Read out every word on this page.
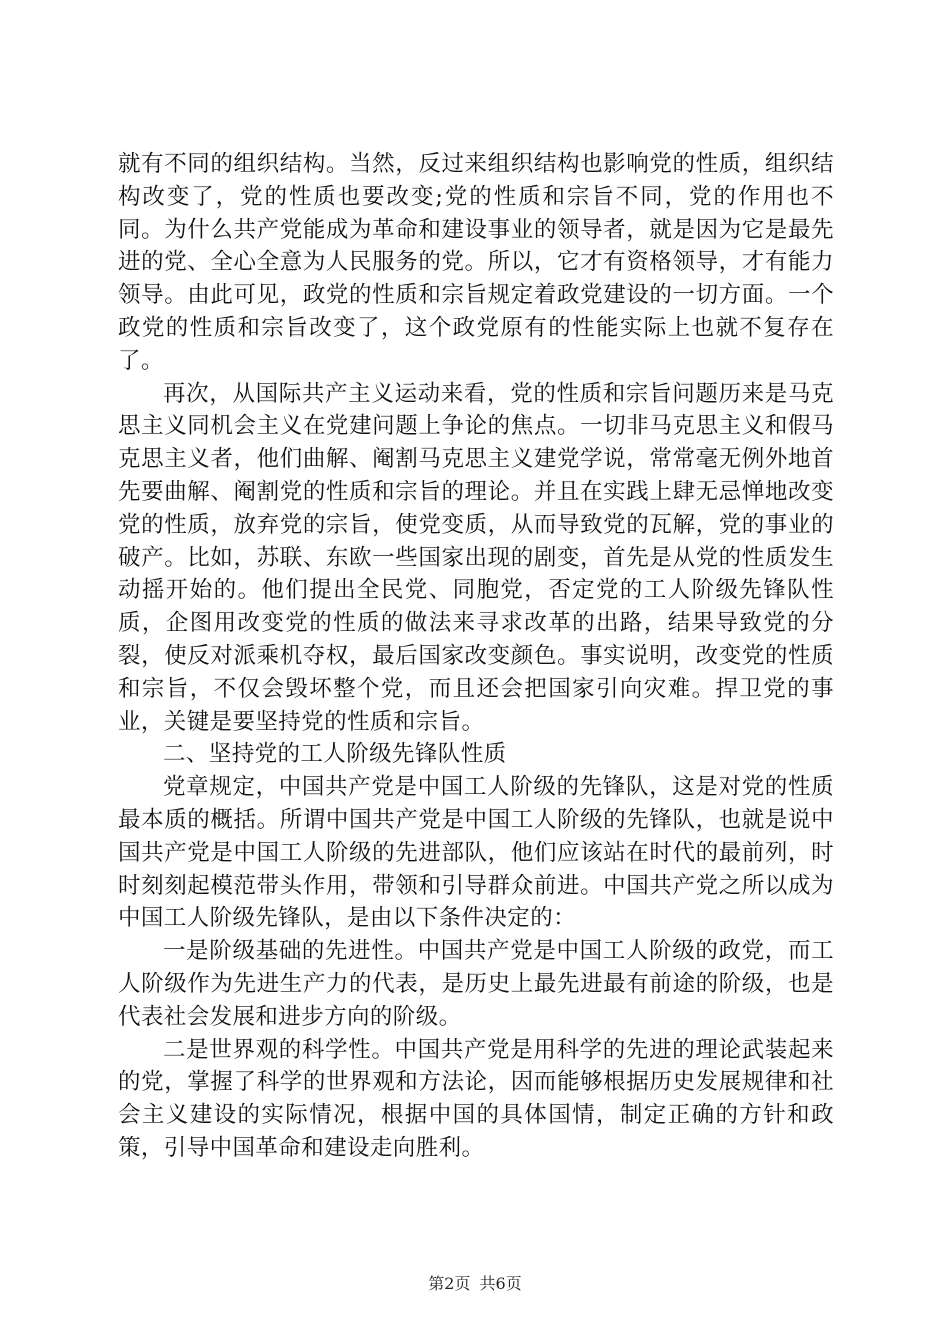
就有不同的组织结构。当然，反过来组织结构也影响党的性质，组织结构改变了，党的性质也要改变;党的性质和宗旨不同，党的作用也不同。为什么共产党能成为革命和建设事业的领导者，就是因为它是最先进的党、全心全意为人民服务的党。所以，它才有资格领导，才有能力领导。由此可见，政党的性质和宗旨规定着政党建设的一切方面。一个政党的性质和宗旨改变了，这个政党原有的性能实际上也就不复存在了。

再次，从国际共产主义运动来看，党的性质和宗旨问题历来是马克思主义同机会主义在党建问题上争论的焦点。一切非马克思主义和假马克思主义者，他们曲解、阉割马克思主义建党学说，常常毫无例外地首先要曲解、阉割党的性质和宗旨的理论。并且在实践上肆无忌惮地改变党的性质，放弃党的宗旨，使党变质，从而导致党的瓦解，党的事业的破产。比如，苏联、东欧一些国家出现的剧变，首先是从党的性质发生动摇开始的。他们提出全民党、同胞党，否定党的工人阶级先锋队性质，企图用改变党的性质的做法来寻求改革的出路，结果导致党的分裂，使反对派乘机夺权，最后国家改变颜色。事实说明，改变党的性质和宗旨，不仅会毁坏整个党，而且还会把国家引向灾难。捍卫党的事业，关键是要坚持党的性质和宗旨。

二、坚持党的工人阶级先锋队性质

党章规定，中国共产党是中国工人阶级的先锋队，这是对党的性质最本质的概括。所谓中国共产党是中国工人阶级的先锋队，也就是说中国共产党是中国工人阶级的先进部队，他们应该站在时代的最前列，时时刻刻起模范带头作用，带领和引导群众前进。中国共产党之所以成为中国工人阶级先锋队，是由以下条件决定的：

一是阶级基础的先进性。中国共产党是中国工人阶级的政党，而工人阶级作为先进生产力的代表，是历史上最先进最有前途的阶级，也是代表社会发展和进步方向的阶级。

二是世界观的科学性。中国共产党是用科学的先进的理论武装起来的党，掌握了科学的世界观和方法论，因而能够根据历史发展规律和社会主义建设的实际情况，根据中国的具体国情，制定正确的方针和政策，引导中国革命和建设走向胜利。

第2页 共6页
